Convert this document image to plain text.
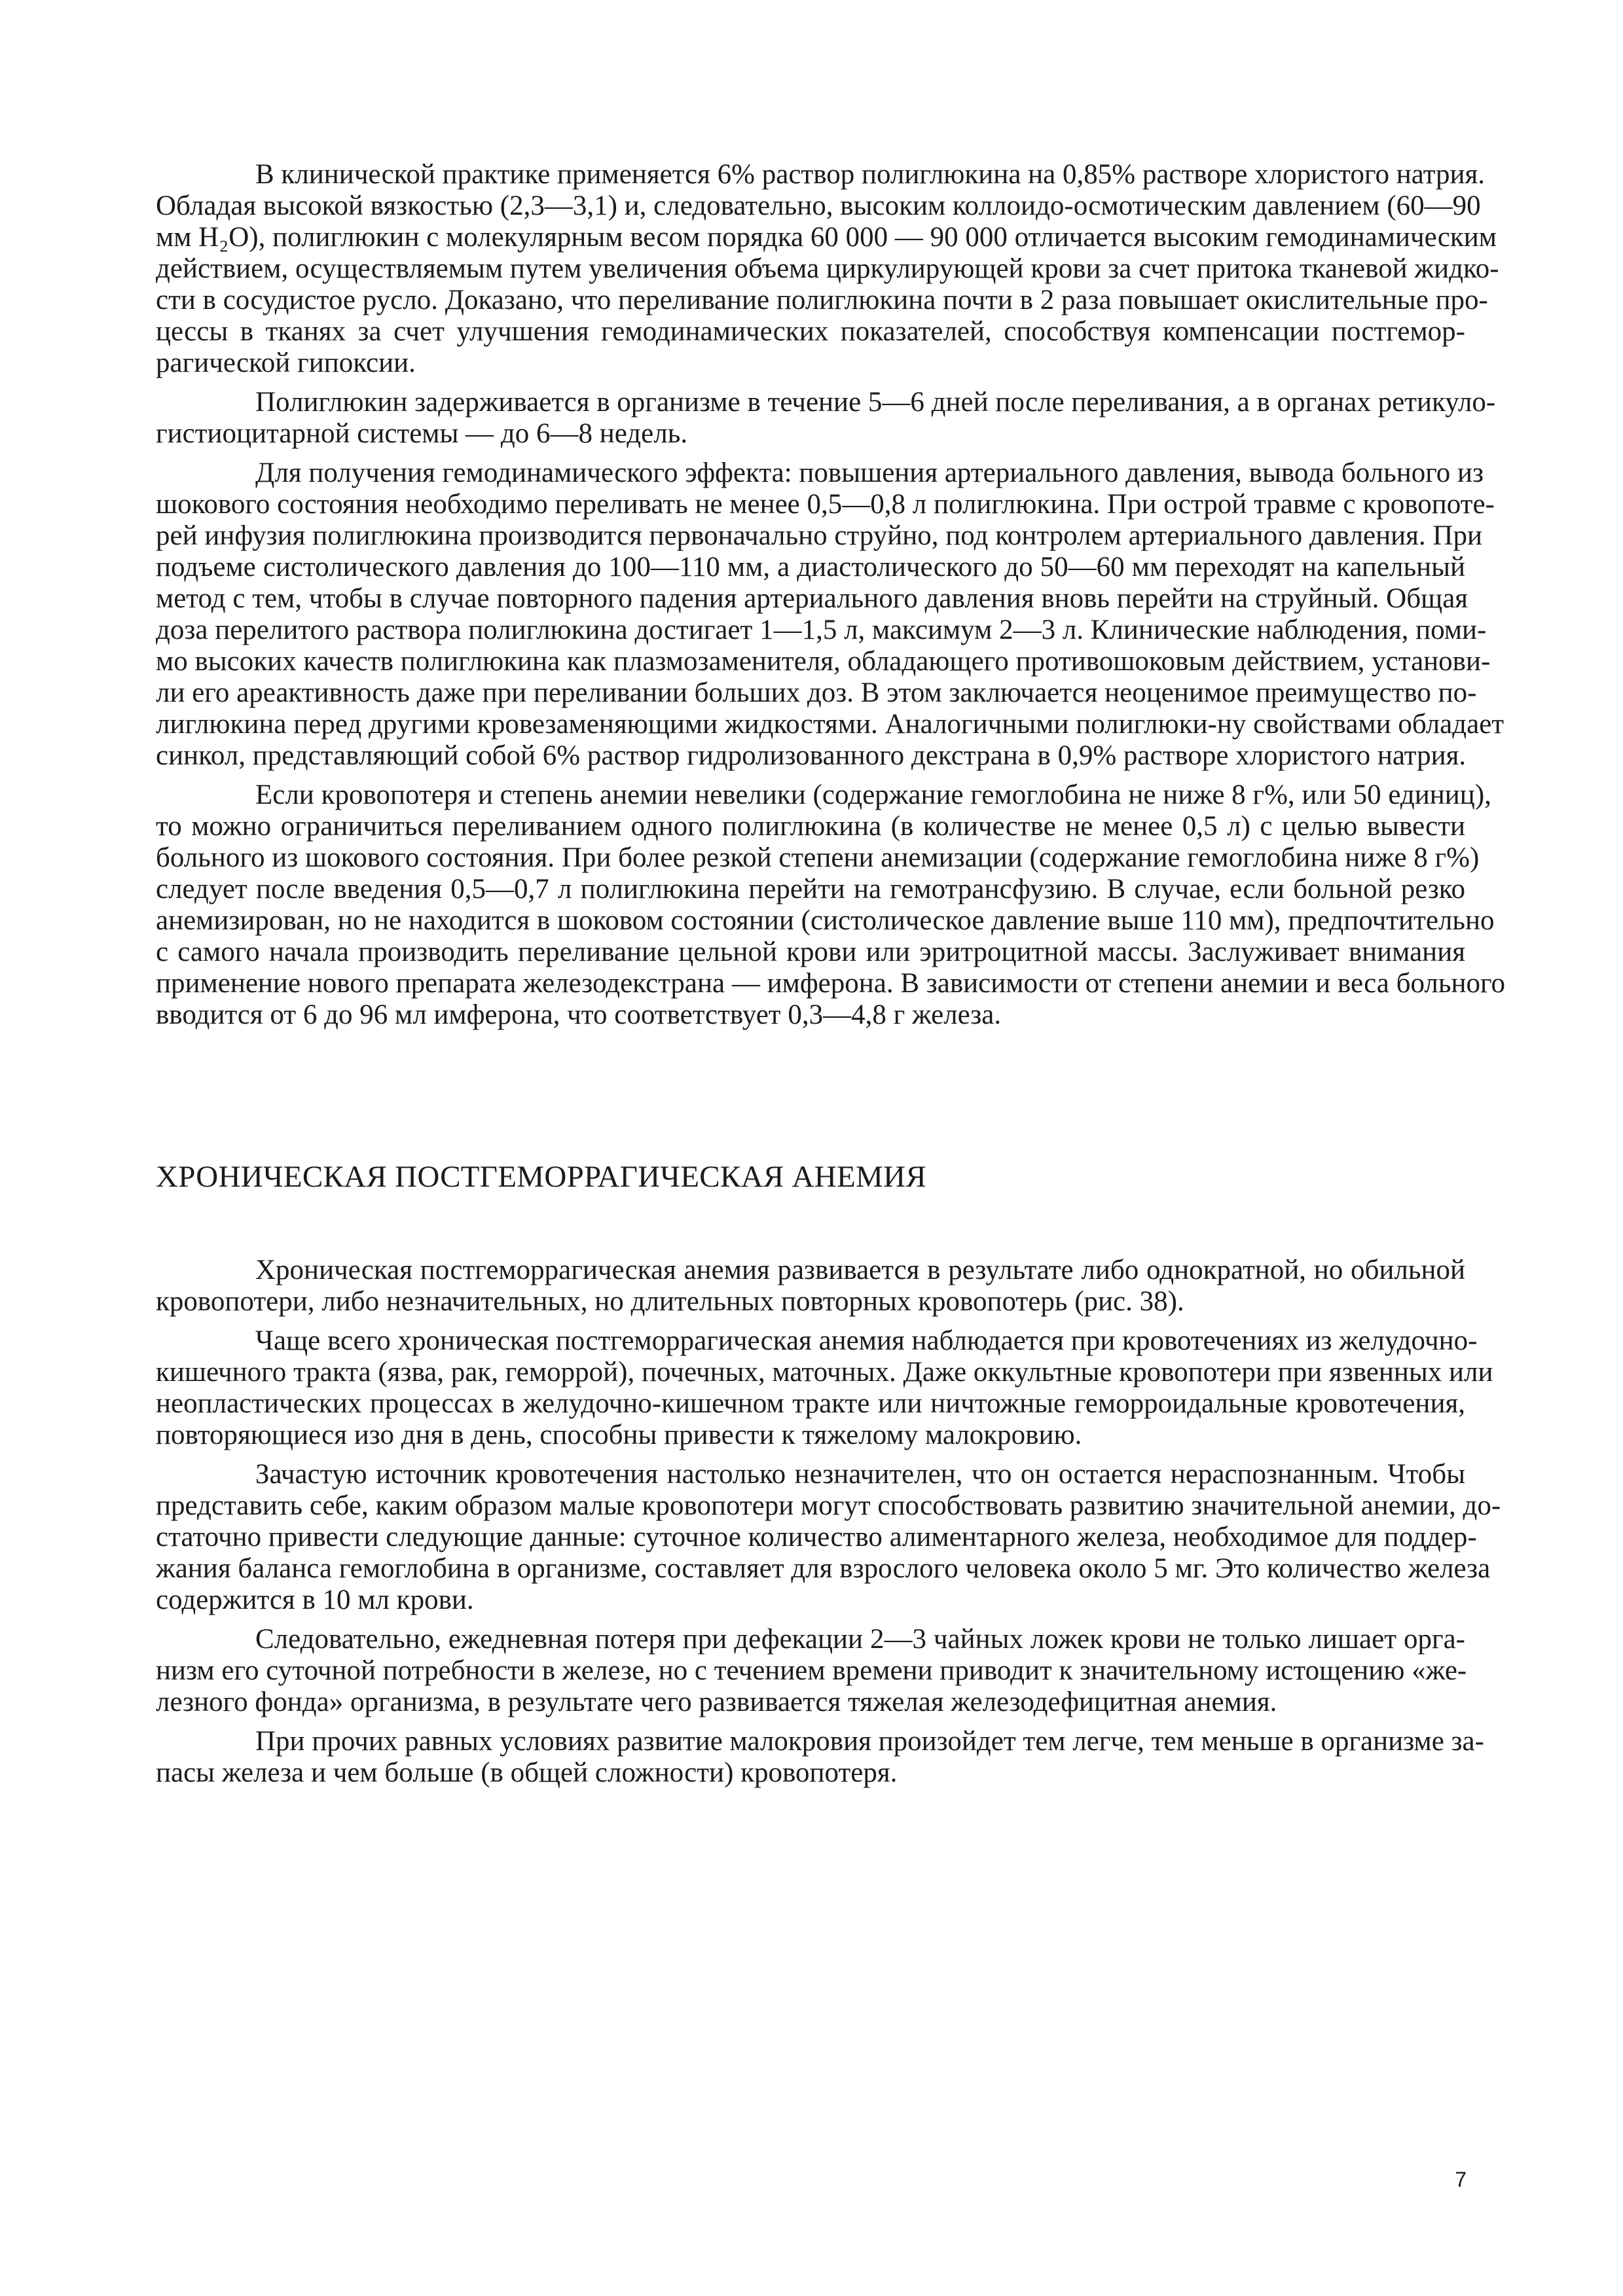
В клинической практике применяется 6% раствор полиглюкина на 0,85% растворе хлористого натрия.
Обладая высокой вязкостью (2,3—3,1) и, следовательно, высоким коллоидо-осмотическим давлением (60—90
мм H₂O), полиглюкин с молекулярным весом порядка 60 000 — 90 000 отличается высоким гемодинамическим
действием, осуществляемым путем увеличения объема циркулирующей крови за счет притока тканевой жидко-
сти в сосудистое русло. Доказано, что переливание полиглюкина почти в 2 раза повышает окислительные про-
цессы в тканях за счет улучшения гемодинамических показателей, способствуя компенсации постгемор-
рагической гипоксии.

Полиглюкин задерживается в организме в течение 5—6 дней после переливания, а в органах ретикуло-
гистиоцитарной системы — до 6—8 недель.

Для получения гемодинамического эффекта: повышения артериального давления, вывода больного из
шокового состояния необходимо переливать не менее 0,5—0,8 л полиглюкина. При острой травме с кровопоте-
рей инфузия полиглюкина производится первоначально струйно, под контролем артериального давления. При
подъеме систолического давления до 100—110 мм, а диастолического до 50—60 мм переходят на капельный
метод с тем, чтобы в случае повторного падения артериального давления вновь перейти на струйный. Общая
доза перелитого раствора полиглюкина достигает 1—1,5 л, максимум 2—3 л. Клинические наблюдения, поми-
мо высоких качеств полиглюкина как плазмозаменителя, обладающего противошоковым действием, установи-
ли его ареактивность даже при переливании больших доз. В этом заключается неоценимое преимущество по-
лиглюкина перед другими кровезаменяющими жидкостями. Аналогичными полиглюки-ну свойствами обладает
синкол, представляющий собой 6% раствор гидролизованного декстрана в 0,9% растворе хлористого натрия.

Если кровопотеря и степень анемии невелики (содержание гемоглобина не ниже 8 г%, или 50 единиц),
то можно ограничиться переливанием одного полиглюкина (в количестве не менее 0,5 л) с целью вывести
больного из шокового состояния. При более резкой степени анемизации (содержание гемоглобина ниже 8 г%)
следует после введения 0,5—0,7 л полиглюкина перейти на гемотрансфузию. В случае, если больной резко
анемизирован, но не находится в шоковом состоянии (систолическое давление выше 110 мм), предпочтительно
с самого начала производить переливание цельной крови или эритроцитной массы. Заслуживает внимания
применение нового препарата железодекстрана — имферона. В зависимости от степени анемии и веса больного
вводится от 6 до 96 мл имферона, что соответствует 0,3—4,8 г железа.

ХРОНИЧЕСКАЯ ПОСТГЕМОРРАГИЧЕСКАЯ АНЕМИЯ

Хроническая постгеморрагическая анемия развивается в результате либо однократной, но обильной
кровопотери, либо незначительных, но длительных повторных кровопотерь (рис. 38).

Чаще всего хроническая постгеморрагическая анемия наблюдается при кровотечениях из желудочно-
кишечного тракта (язва, рак, геморрой), почечных, маточных. Даже оккультные кровопотери при язвенных или
неопластических процессах в желудочно-кишечном тракте или ничтожные геморроидальные кровотечения,
повторяющиеся изо дня в день, способны привести к тяжелому малокровию.

Зачастую источник кровотечения настолько незначителен, что он остается нераспознанным. Чтобы
представить себе, каким образом малые кровопотери могут способствовать развитию значительной анемии, до-
статочно привести следующие данные: суточное количество алиментарного железа, необходимое для поддер-
жания баланса гемоглобина в организме, составляет для взрослого человека около 5 мг. Это количество железа
содержится в 10 мл крови.

Следовательно, ежедневная потеря при дефекации 2—3 чайных ложек крови не только лишает орга-
низм его суточной потребности в железе, но с течением времени приводит к значительному истощению «же-
лезного фонда» организма, в результате чего развивается тяжелая железодефицитная анемия.

При прочих равных условиях развитие малокровия произойдет тем легче, тем меньше в организме за-
пасы железа и чем больше (в общей сложности) кровопотеря.

7
